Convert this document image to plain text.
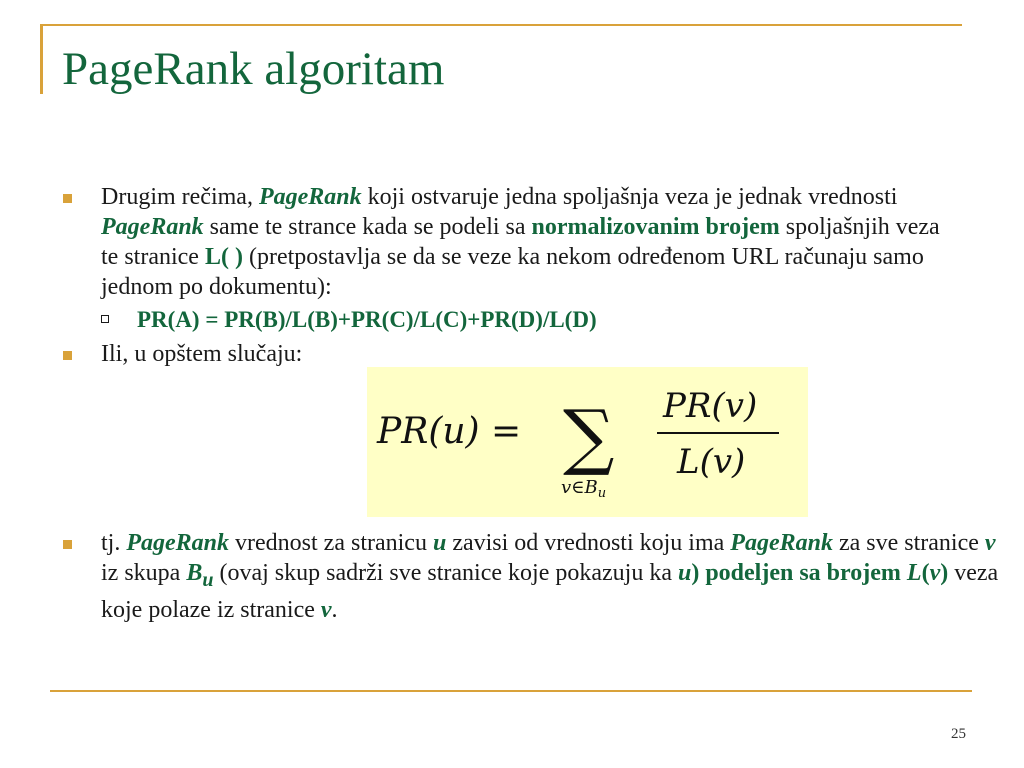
PageRank algoritam
Drugim rečima, PageRank koji ostvaruje jedna spoljašnja veza je jednak vrednosti PageRank same te strance kada se podeli sa normalizovanim brojem spoljašnjih veza te stranice L( ) (pretpostavlja se da se veze ka nekom određenom URL računaju samo jednom po dokumentu):
PR(A) = PR(B)/L(B)+PR(C)/L(C)+PR(D)/L(D)
Ili, u opštem slučaju:
tj. PageRank vrednost za stranicu u zavisi od vrednosti koju ima PageRank za sve stranice v iz skupa $B_u$ (ovaj skup sadrži sve stranice koje pokazuju ka u) podeljen sa brojem L(v) veza koje polaze iz stranice v.
PR(u) = ∑
$v\in B_u$
PR(v)
L(v)
25
